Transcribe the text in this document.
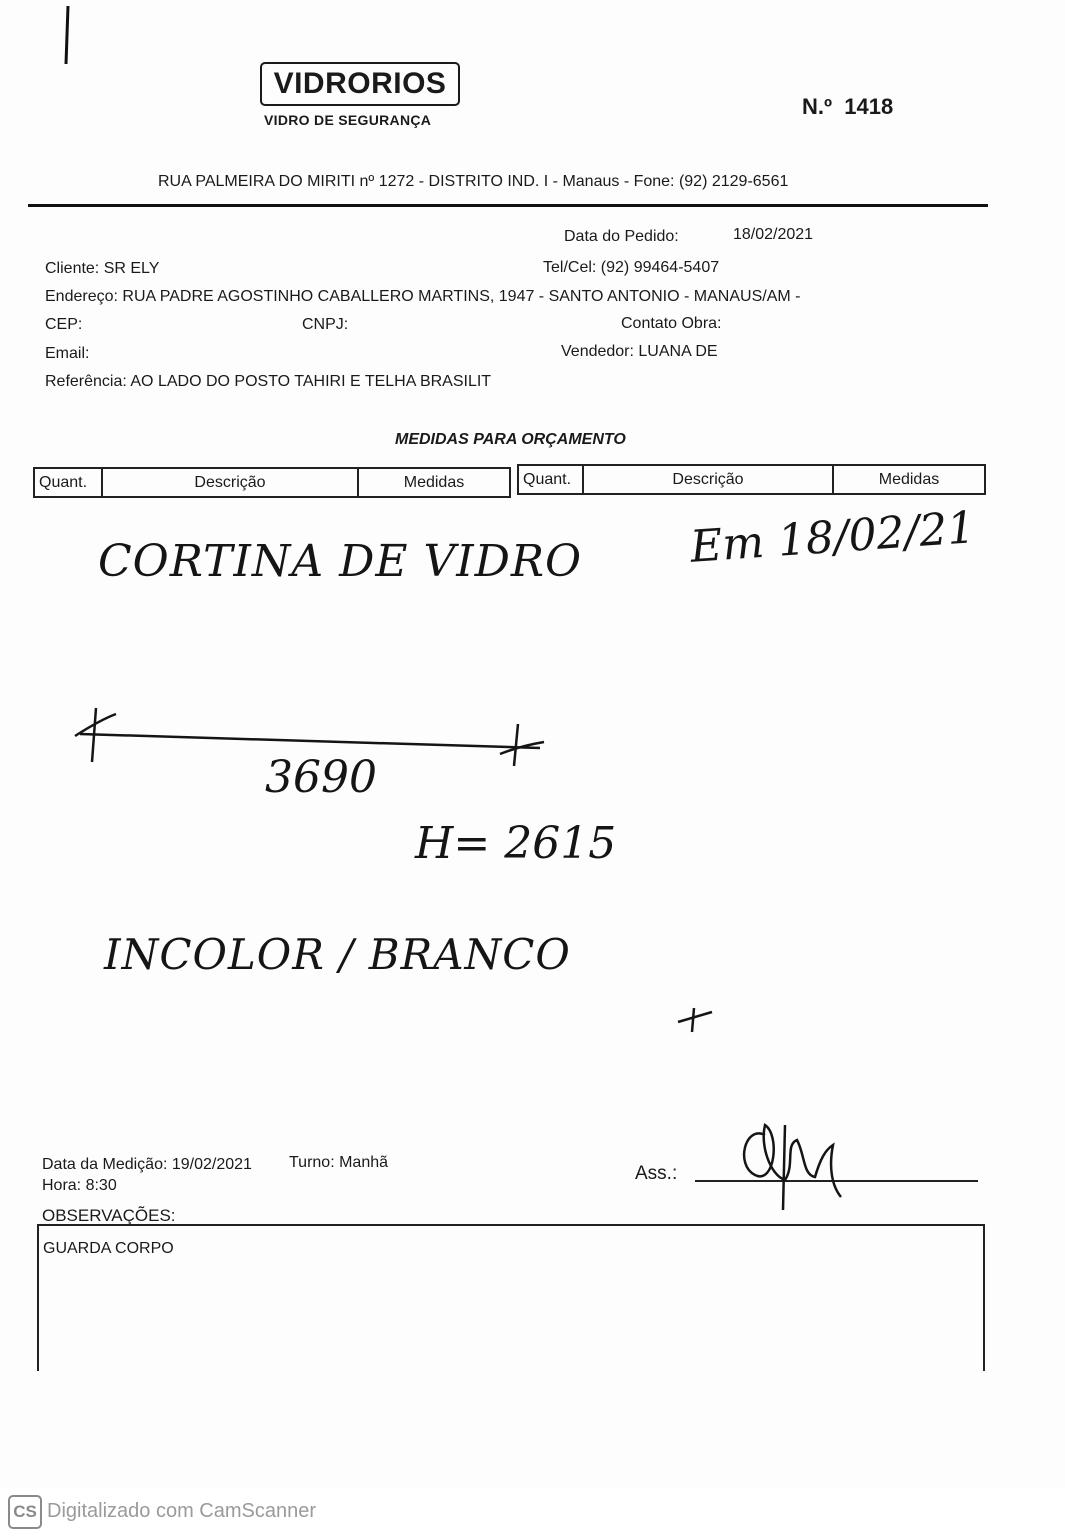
VIDRORIOS
VIDRO DE SEGURANÇA
N.º 1418
RUA PALMEIRA DO MIRITI nº 1272 - DISTRITO IND. I - Manaus - Fone: (92) 2129-6561
Data do Pedido:	18/02/2021
Cliente: SR ELY	Tel/Cel: (92) 99464-5407
Endereço: RUA PADRE AGOSTINHO CABALLERO MARTINS, 1947 - SANTO ANTONIO - MANAUS/AM -
CEP:	CNPJ:	Contato Obra:
Email:	Vendedor: LUANA DE
Referência: AO LADO DO POSTO TAHIRI E TELHA BRASILIT
MEDIDAS PARA ORÇAMENTO
Quant.	Descrição	Medidas	Quant.	Descrição	Medidas
CORTINA DE VIDRO Em 18/02/21
3690
H= 2615
INCOLOR / BRANCO
Data da Medição: 19/02/2021 Turno: Manhã
Hora: 8:30
OBSERVAÇÕES:
Ass.:
GUARDA CORPO
CS Digitalizado com CamScanner
